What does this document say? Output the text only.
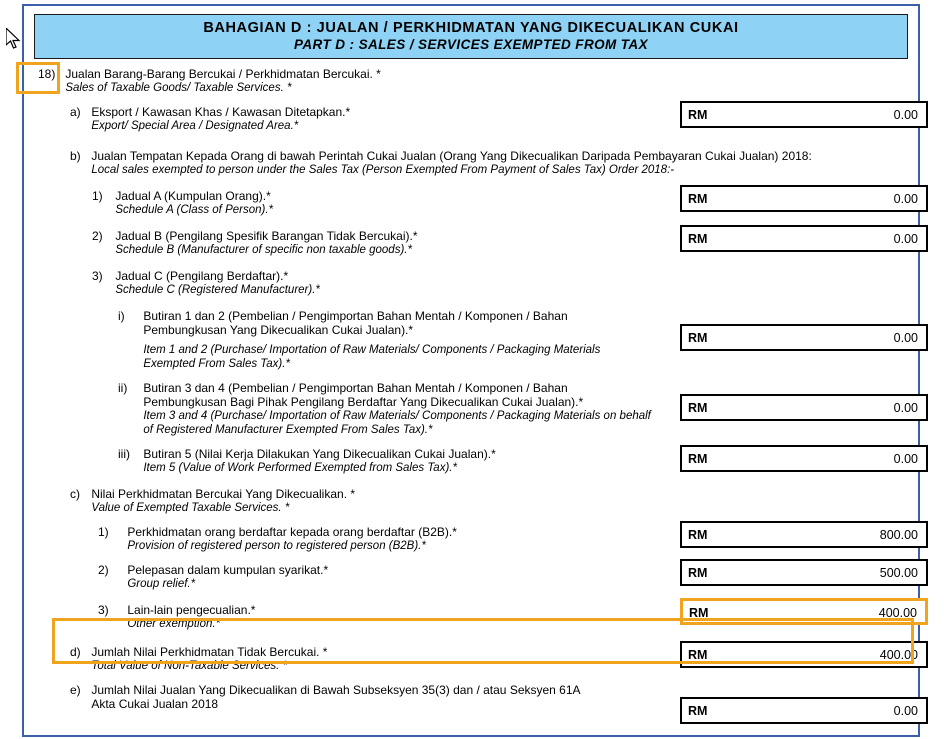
BAHAGIAN D : JUALAN / PERKHIDMATAN YANG DIKECUALIKAN CUKAI
PART D : SALES / SERVICES EXEMPTED FROM TAX
18) Jualan Barang-Barang Bercukai / Perkhidmatan Bercukai. *
Sales of Taxable Goods/ Taxable Services. *
a) Eksport / Kawasan Khas / Kawasan Ditetapkan.*
Export/ Special Area / Designated Area.*
RM	0.00
b) Jualan Tempatan Kepada Orang di bawah Perintah Cukai Jualan (Orang Yang Dikecualikan Daripada Pembayaran Cukai Jualan) 2018:
Local sales exempted to person under the Sales Tax (Person Exempted From Payment of Sales Tax) Order 2018:-
1) Jadual A (Kumpulan Orang).*
Schedule A (Class of Person).*
RM	0.00
2) Jadual B (Pengilang Spesifik Barangan Tidak Bercukai).*
Schedule B (Manufacturer of specific non taxable goods).*
RM	0.00
3) Jadual C (Pengilang Berdaftar).*
Schedule C (Registered Manufacturer).*
i) Butiran 1 dan 2 (Pembelian / Pengimportan Bahan Mentah / Komponen / Bahan Pembungkusan Yang Dikecualikan Cukai Jualan).*
Item 1 and 2 (Purchase/ Importation of Raw Materials/ Components / Packaging Materials Exempted From Sales Tax).*
RM	0.00
ii) Butiran 3 dan 4 (Pembelian / Pengimportan Bahan Mentah / Komponen / Bahan Pembungkusan Bagi Pihak Pengilang Berdaftar Yang Dikecualikan Cukai Jualan).*
Item 3 and 4 (Purchase/ Importation of Raw Materials/ Components / Packaging Materials on behalf of Registered Manufacturer Exempted From Sales Tax).*
RM	0.00
iii) Butiran 5 (Nilai Kerja Dilakukan Yang Dikecualikan Cukai Jualan).*
Item 5 (Value of Work Performed Exempted from Sales Tax).*
RM	0.00
c) Nilai Perkhidmatan Bercukai Yang Dikecualikan. *
Value of Exempted Taxable Services. *
1) Perkhidmatan orang berdaftar kepada orang berdaftar (B2B).*
Provision of registered person to registered person (B2B).*
RM	800.00
2) Pelepasan dalam kumpulan syarikat.*
Group relief.*
RM	500.00
3) Lain-lain pengecualian.*
Other exemption.*
RM	400.00
d) Jumlah Nilai Perkhidmatan Tidak Bercukai. *
Total Value of Non-Taxable Services. *
RM	400.00
e) Jumlah Nilai Jualan Yang Dikecualikan di Bawah Subseksyen 35(3) dan / atau Seksyen 61A
Akta Cukai Jualan 2018	RM	0.00
